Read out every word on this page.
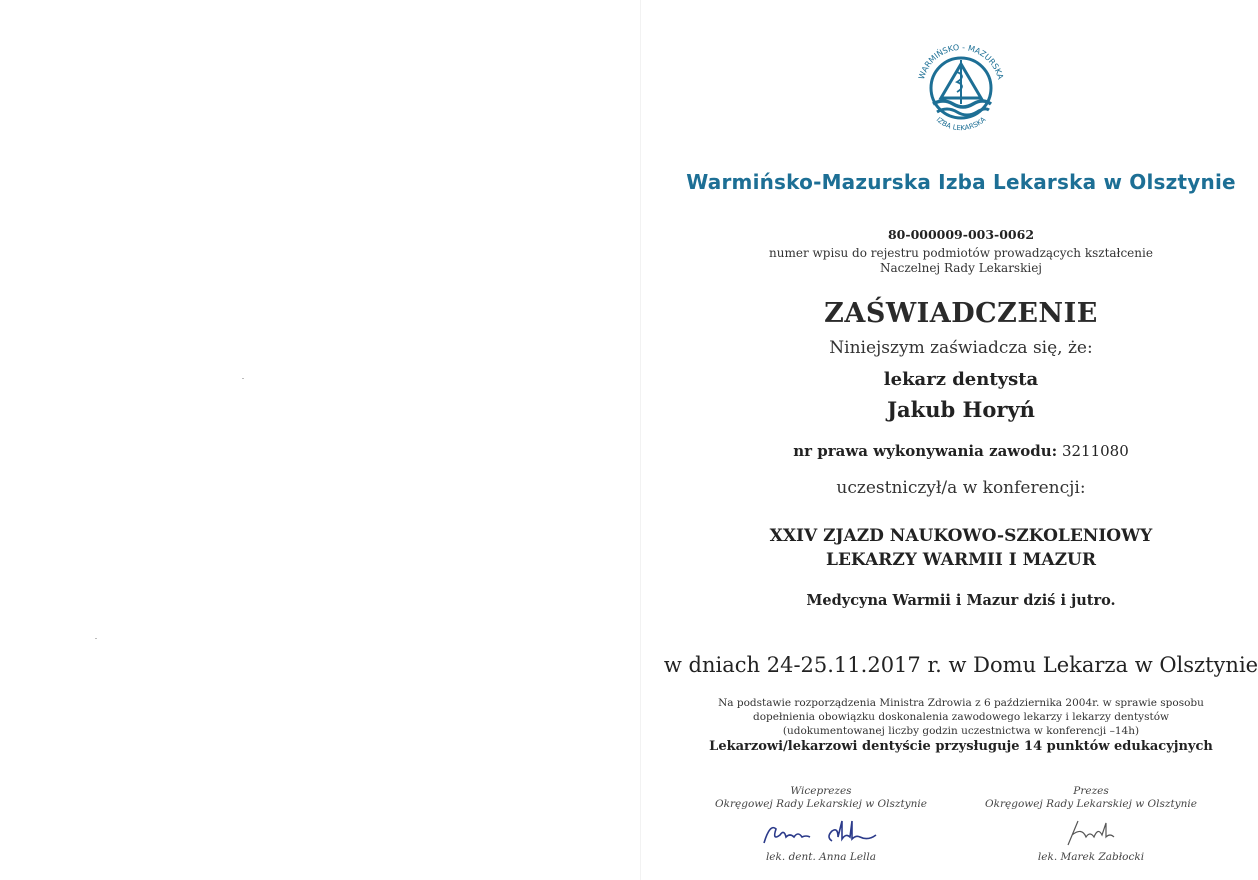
WARMIŃSKO - MAZURSKA
IZBA LEKARSKA
Warmińsko-Mazurska Izba Lekarska w Olsztynie
80-000009-003-0062
numer wpisu do rejestru podmiotów prowadzących kształcenie
Naczelnej Rady Lekarskiej
ZAŚWIADCZENIE
Niniejszym zaświadcza się, że:
lekarz dentysta
Jakub Horyń
nr prawa wykonywania zawodu: 3211080
uczestniczył/a w konferencji:
XXIV ZJAZD NAUKOWO-SZKOLENIOWY
LEKARZY WARMII I MAZUR
Medycyna Warmii i Mazur dziś i jutro.
w dniach 24-25.11.2017 r. w Domu Lekarza w Olsztynie
Na podstawie rozporządzenia Ministra Zdrowia z 6 października 2004r. w sprawie sposobu
dopełnienia obowiązku doskonalenia zawodowego lekarzy i lekarzy dentystów
(udokumentowanej liczby godzin uczestnictwa w konferencji –14h)
Lekarzowi/lekarzowi dentyście przysługuje 14 punktów edukacyjnych
Wiceprezes
Okręgowej Rady Lekarskiej w Olsztynie
lek. dent. Anna Lella
Prezes
Okręgowej Rady Lekarskiej w Olsztynie
lek. Marek Zabłocki
